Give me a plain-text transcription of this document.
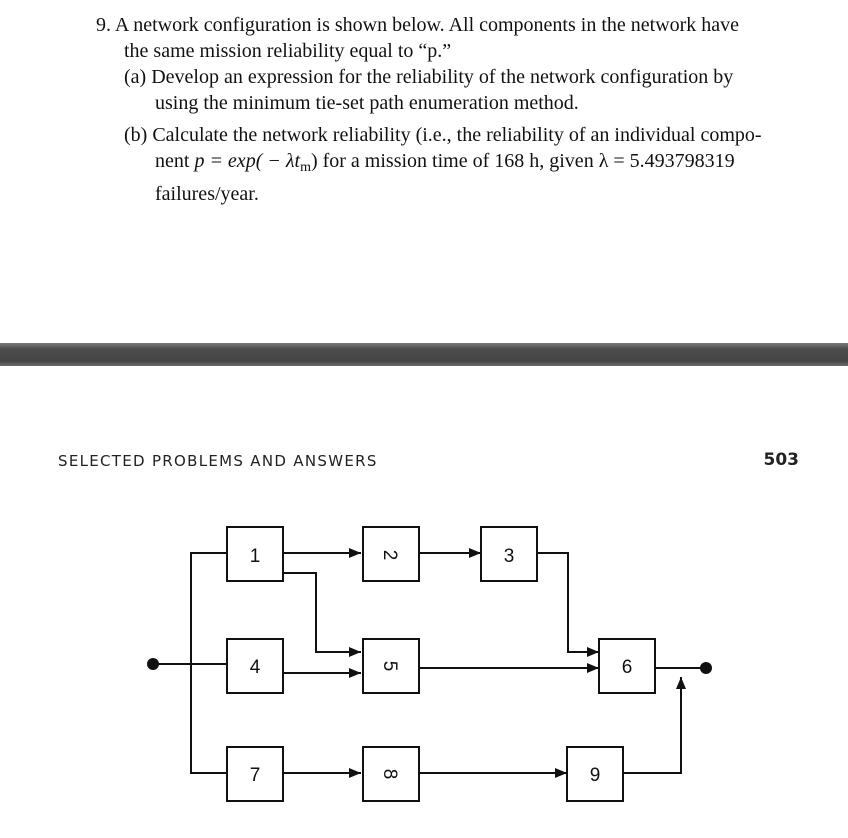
9. A network configuration is shown below. All components in the network have
the same mission reliability equal to “p.”
(a) Develop an expression for the reliability of the network configuration by
using the minimum tie-set path enumeration method.
(b) Calculate the network reliability (i.e., the reliability of an individual compo-
nent $p = \exp( - \lambda t_m)$ for a mission time of 168 h, given λ = 5.493798319
failures/year.
SELECTED PROBLEMS AND ANSWERS	503
1	2	3
4	5	6
7	8	9
